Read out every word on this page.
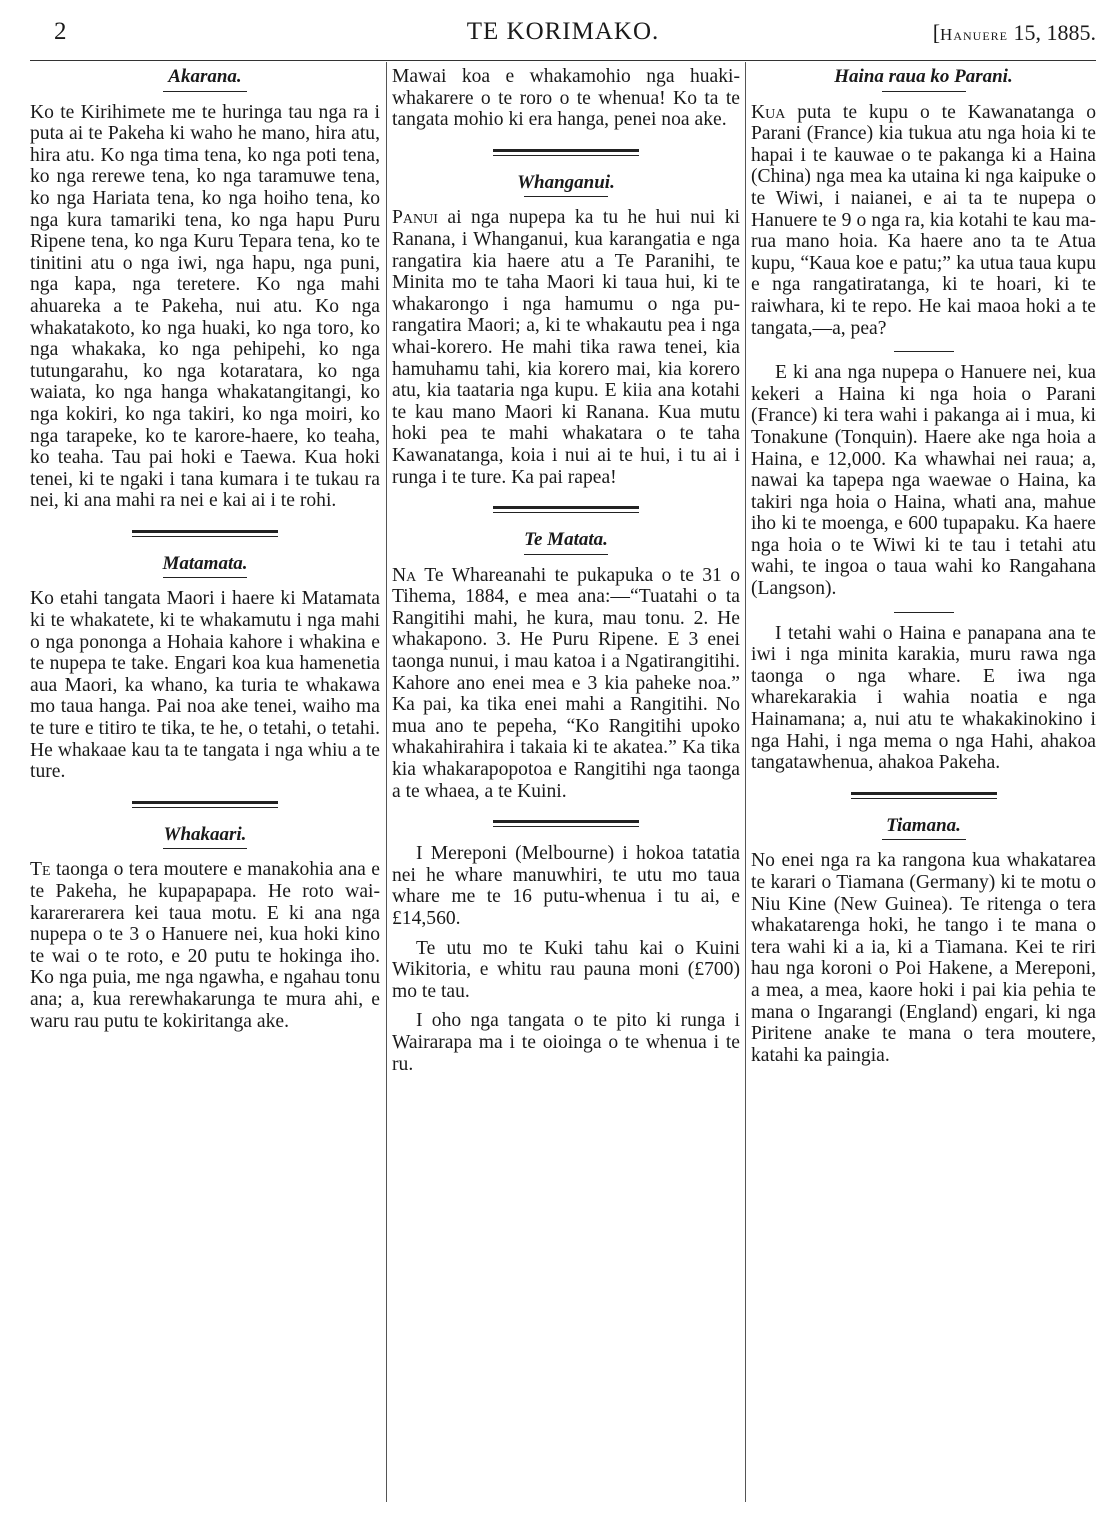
2	TE KORIMAKO.	[Hanuere 15, 1885.
Akarana.

Ko te Kirihimete me te huringa tau nga ra i puta ai te Pakeha ki waho he mano, hira atu, hira atu. Ko nga tima tena, ko nga poti tena, ko nga rerewe tena, ko nga taramuwe tena, ko nga Hariata tena, ko nga hoiho tena, ko nga kura tamariki tena, ko nga hapu Puru Ripene tena, ko nga Kuru Tepara tena, ko te tinitini atu o nga iwi, nga hapu, nga puni, nga kapa, nga teretere. Ko nga mahi ahuareka a te Pakeha, nui atu. Ko nga whakatakoto, ko nga huaki, ko nga toro, ko nga whakaka, ko nga pehipehi, ko nga tutungarahu, ko nga kotaratara, ko nga waiata, ko nga hanga whakatangitangi, ko nga kokiri, ko nga takiri, ko nga moiri, ko nga tarapeke, ko te karore-haere, ko teaha, ko teaha. Tau pai hoki e Taewa. Kua hoki tenei, ki te ngaki i tana kumara i te tukau ra nei, ki ana mahi ra nei e kai ai i te rohi.

Matamata.

Ko etahi tangata Maori i haere ki Matamata ki te whakatete, ki te whakamutu i nga mahi o nga pononga a Hohaia kahore i whakina e te nupepa te take. Engari koa kua hamenetia aua Maori, ka whano, ka turia te whakawa mo taua hanga. Pai noa ake tenei, waiho ma te ture e titiro te tika, te he, o tetahi, o tetahi. He whakaae kau ta te tangata i nga whiu a te ture.

Whakaari.

Te taonga o tera moutere e manakohia ana e te Pakeha, he kupapapapa. He roto wai-kararerarera kei taua motu. E ki ana nga nupepa o te 3 o Hanuere nei, kua hoki kino te wai o te roto, e 20 putu te hokinga iho. Ko nga puia, me nga ngawha, e ngahau tonu ana; a, kua rerewhakarunga te mura ahi, e waru rau putu te kokiritanga ake.

Mawai koa e whakamohio nga huaki-whakarere o te roro o te whenua! Ko ta te tangata mohio ki era hanga, penei noa ake.

Whanganui.

Panui ai nga nupepa ka tu he hui nui ki Ranana, i Whanganui, kua karangatia e nga rangatira kia haere atu a Te Paranihi, te Minita mo te taha Maori ki taua hui, ki te whakarongo i nga hamumu o nga pu-rangatira Maori; a, ki te whakautu pea i nga whai-korero. He mahi tika rawa tenei, kia hamuhamu tahi, kia korero mai, kia korero atu, kia taataria nga kupu. E kiia ana kotahi te kau mano Maori ki Ranana. Kua mutu hoki pea te mahi whakatara o te taha Kawanatanga, koia i nui ai te hui, i tu ai i runga i te ture. Ka pai rapea!

Te Matata.

Na Te Whareanahi te pukapuka o te 31 o Tihema, 1884, e mea ana:—“Tuatahi o ta Rangitihi mahi, he kura, mau tonu. 2. He whakapono. 3. He Puru Ripene. E 3 enei taonga nunui, i mau katoa i a Ngatirangitihi. Kahore ano enei mea e 3 kia paheke noa.” Ka pai, ka tika enei mahi a Rangitihi. No mua ano te pepeha, “Ko Rangitihi upoko whakahirahira i takaia ki te akatea.” Ka tika kia whakarapopotoa e Rangitihi nga taonga a te whaea, a te Kuini.

I Mereponi (Melbourne) i hokoa tatatia nei he whare manuwhiri, te utu mo taua whare me te 16 putu-whenua i tu ai, e £14,560.

Te utu mo te Kuki tahu kai o Kuini Wikitoria, e whitu rau pauna moni (£700) mo te tau.

I oho nga tangata o te pito ki runga i Wairarapa ma i te oioinga o te whenua i te ru.

Haina raua ko Parani.

Kua puta te kupu o te Kawanatanga o Parani (France) kia tukua atu nga hoia ki te hapai i te kauwae o te pakanga ki a Haina (China) nga mea ka utaina ki nga kaipuke o te Wiwi, i naianei, e ai ta te nupepa o Hanuere te 9 o nga ra, kia kotahi te kau ma-rua mano hoia. Ka haere ano ta te Atua kupu, “Kaua koe e patu;” ka utua taua kupu e nga rangatiratanga, ki te hoari, ki te raiwhara, ki te repo. He kai maoa hoki a te tangata,—a, pea?

E ki ana nga nupepa o Hanuere nei, kua kekeri a Haina ki nga hoia o Parani (France) ki tera wahi i pakanga ai i mua, ki Tonakune (Tonquin). Haere ake nga hoia a Haina, e 12,000. Ka whawhai nei raua; a, nawai ka tapepa nga waewae o Haina, ka takiri nga hoia o Haina, whati ana, mahue iho ki te moenga, e 600 tupapaku. Ka haere nga hoia o te Wiwi ki te tau i tetahi atu wahi, te ingoa o taua wahi ko Rangahana (Langson).

I tetahi wahi o Haina e panapana ana te iwi i nga minita karakia, muru rawa nga taonga o nga whare. E iwa nga wharekarakia i wahia noatia e nga Hainamana; a, nui atu te whakakinokino i nga Hahi, i nga mema o nga Hahi, ahakoa tangatawhenua, ahakoa Pakeha.

Tiamana.

No enei nga ra ka rangona kua whakatarea te karari o Tiamana (Germany) ki te motu o Niu Kine (New Guinea). Te ritenga o tera whakatarenga hoki, he tango i te mana o tera wahi ki a ia, ki a Tiamana. Kei te riri hau nga koroni o Poi Hakene, a Mereponi, a mea, a mea, kaore hoki i pai kia pehia te mana o Ingarangi (England) engari, ki nga Piritene anake te mana o tera moutere, katahi ka paingia.
